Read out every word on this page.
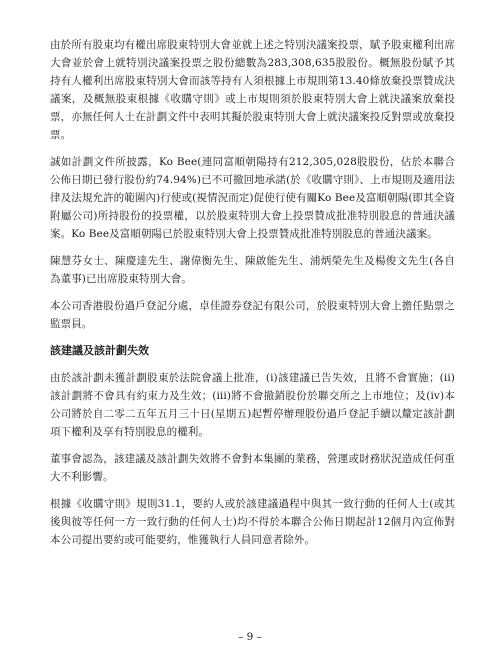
由於所有股東均有權出席股東特別大會並就上述之特別決議案投票，賦予股東權利出席大會並於會上就特別決議案投票之股份總數為283,308,635股股份。概無股份賦予其持有人權利出席股東特別大會而該等持有人須根據上市規則第13.40條放棄投票贊成決議案，及概無股東根據《收購守則》或上市規則須於股東特別大會上就決議案放棄投票，亦無任何人士在計劃文件中表明其擬於股東特別大會上就決議案投反對票或放棄投票。

誠如計劃文件所披露，Ko Bee(連同富順朝陽持有212,305,028股股份，佔於本聯合公佈日期已發行股份約74.94%)已不可撤回地承諾(於《收購守則》、上市規則及適用法律及法規允許的範圍內)行使或(視情況而定)促使行使有關Ko Bee及富順朝陽(即其全資附屬公司)所持股份的投票權，以於股東特別大會上投票贊成批准特別股息的普通決議案。Ko Bee及富順朝陽已於股東特別大會上投票贊成批准特別股息的普通決議案。

陳慧芬女士、陳慶達先生、謝偉衡先生、陳啟能先生、浦炳榮先生及楊俊文先生(各自為董事)已出席股東特別大會。

本公司香港股份過戶登記分處，卓佳證券登記有限公司，於股東特別大會上擔任點票之監票員。

該建議及該計劃失效

由於該計劃未獲計劃股東於法院會議上批准，(i)該建議已告失效，且將不會實施；(ii)該計劃將不會具有約束力及生效；(iii)將不會撤銷股份於聯交所之上市地位；及(iv)本公司將於自二零二五年五月三十日(星期五)起暫停辦理股份過戶登記手續以釐定該計劃項下權利及享有特別股息的權利。

董事會認為，該建議及該計劃失效將不會對本集團的業務，營運或財務狀況造成任何重大不利影響。

根據《收購守則》規則31.1，要約人或於該建議過程中與其一致行動的任何人士(或其後與彼等任何一方一致行動的任何人士)均不得於本聯合公佈日期起計12個月內宣佈對本公司提出要約或可能要約，惟獲執行人員同意者除外。

– 9 –
